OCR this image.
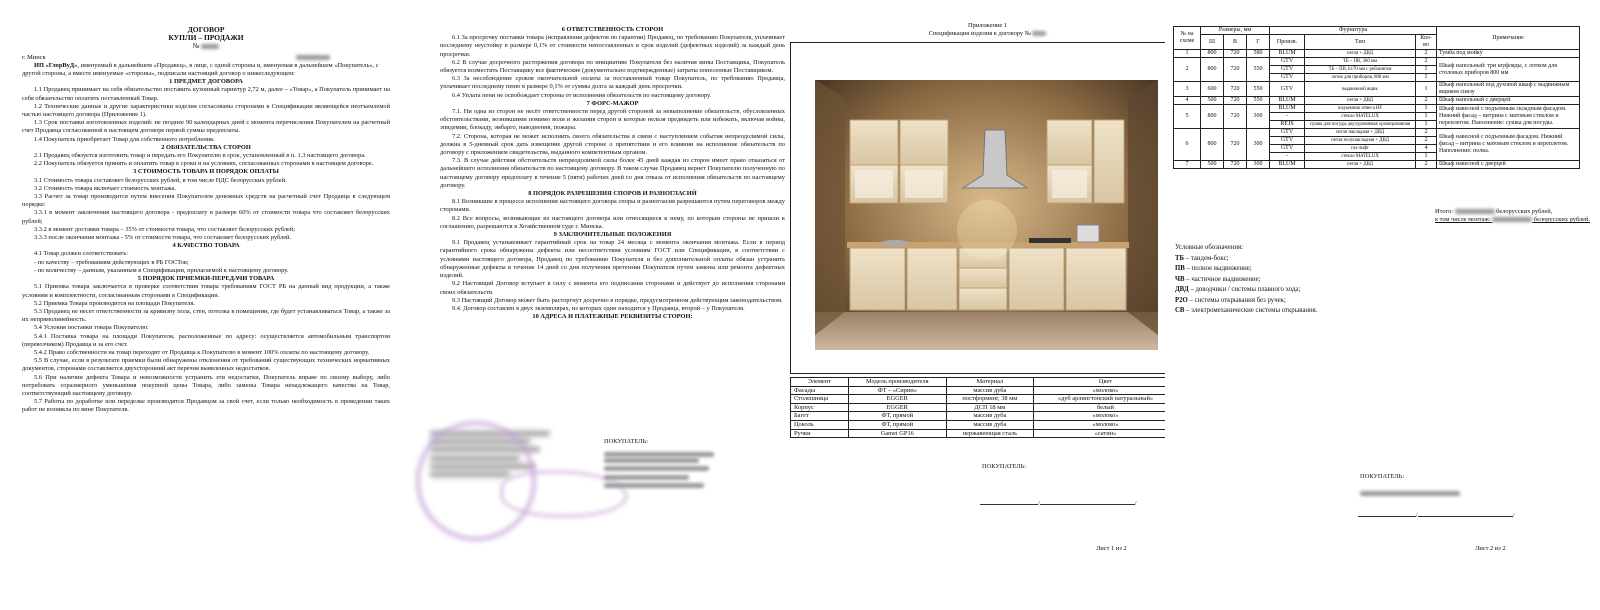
ДОГОВОР

КУПЛИ – ПРОДАЖИ

№

г. Минск

ИП «ГлорВуД», именуемый в дальнейшем «Продавец», в лице, с одной стороны и, именуемая в дальнейшем «Покупатель», с другой стороны, а вместе именуемые «стороны», подписали настоящий договор о нижеследующем:

1 ПРЕДМЕТ ДОГОВОРА

1.1 Продавец принимает на себя обязательство поставить кухонный гарнитур 2,72 м, далее – «Товар», а Покупатель принимает на себя обязательство оплатить поставленный Товар.

1.2 Технические данные и другие характеристики изделия согласованы сторонами в Спецификации являющейся неотъемлемой частью настоящего договора (Приложение 1).

1.3 Срок поставки изготовленных изделий: не позднее 90 календарных дней с момента перечисления Покупателем на расчетный счет Продавца согласованной в настоящем договоре первой суммы предоплаты.

1.4 Покупатель приобретает Товар для собственного потребления.

2 ОБЯЗАТЕЛЬСТВА СТОРОН

2.1 Продавец обязуется изготовить товар и передать его Покупателю в срок, установленный в п. 1.3 настоящего договора.

2.2 Покупатель обязуется принять и оплатить товар в сроки и на условиях, согласованных сторонами в настоящем договоре.

3 СТОИМОСТЬ ТОВАРА И ПОРЯДОК ОПЛАТЫ

3.1 Стоимость товара составляет белорусских рублей, в том числе НДС белорусских рублей.

3.2 Стоимость товара включает стоимость монтажа.

3.3 Расчет за товар производится путем внесения Покупателем денежных средств на расчетный счет Продавца в следующем порядке:

3.3.1 в момент заключения настоящего договора - предоплату в размере 60% от стоимости товара что составляет белорусских рублей;

3.3.2 в момент доставки товара – 35% от стоимости товара, что составляет белорусских рублей;

3.3.3 после окончания монтажа - 5% от стоимости товара, что составляет белорусских рублей.

4 КАЧЕСТВО ТОВАРА

4.1 Товар должен соответствовать:

- по качеству – требованиям действующих в РБ ГОСТов;

- по количеству – данным, указанным в Спецификации, прилагаемой к настоящему договору.

5 ПОРЯДОК ПРИЕМКИ-ПЕРЕДАЧИ ТОВАРА

5.1 Приемка товара заключается в проверке соответствия товара требованиям ГОСТ РБ на данный вид продукции, а также условиям и комплектности, согласованным сторонами в Спецификации.

5.2 Приемка Товара производится на площади Покупателя.

5.3 Продавец не несет ответственности за кривизну пола, стен, потолка в помещении, где будет устанавливаться Товар, а также за их непрямолинейность.

5.4 Условия поставки товара Покупателю:

5.4.1 Поставка товара на площади Покупателя, расположенные по адресу: осуществляется автомобильным транспортом (перевозчиком) Продавца и за его счет.

5.4.2 Право собственности на товар переходит от Продавца к Покупателю в момент 100% оплаты по настоящему договору.

5.5 В случае, если в результате приемки были обнаружены отклонения от требований существующих технических нормативных документов, сторонами составляется двухсторонний акт перечня выявленных недостатков.

5.6 При наличии дефекта Товара и невозможности устранить эти недостатки, Покупатель вправе по своему выбору, либо потребовать соразмерного уменьшения покупной цены Товара, либо замены Товара ненадлежащего качества на Товар, соответствующий настоящему договору.

5.7 Работы по доработке или переделке производятся Продавцом за свой счет, если только необходимость в проведении таких работ не возникла по вине Покупателя.

6 ОТВЕТСТВЕННОСТЬ СТОРОН

6.1 За просрочку поставки товара (исправления дефектов по гарантии) Продавец, по требованию Покупателя, уплачивает последнему неустойку в размере 0,1% от стоимости непоставленных в срок изделий (дефектных изделий) за каждый день просрочки.

6.2 В случае досрочного расторжения договора по инициативе Покупателя без наличия вины Поставщика, Покупатель обязуется возместить Поставщику все фактические (документально подтвержденные) затраты понесенные Поставщиком.

6.3 За несоблюдение сроков окончательной оплаты за поставленный товар Покупатель, по требованию Продавца, уплачивает последнему пеню в размере 0,1% от суммы долга за каждый день просрочки.

6.4 Уплата пени не освобождает стороны от исполнения обязательств по настоящему договору.

7 ФОРС-МАЖОР

7.1. Ни одна из сторон не несёт ответственности перед другой стороной за невыполнение обязательств, обусловленных обстоятельствами, возникшими помимо воли и желания сторон и которые нельзя предвидеть или избежать, включая войны, эпидемии, блокаду, эмбарго, наводнения, пожары.

7.2. Сторона, которая не может исполнить своего обязательства в связи с наступлением события непреодолимой силы, должна в 5-дневный срок дать извещение другой стороне о препятствии и его влиянии на исполнение обязательств по договору с приложением свидетельства, выданного компетентным органом.

7.3. В случае действия обстоятельств непреодолимой силы более 45 дней каждая из сторон имеет право отказаться от дальнейшего исполнения обязательств по настоящему договору. В таком случае Продавец вернет Покупателю полученную по настоящему договору предоплату в течение 5 (пяти) рабочих дней со дня отказа от исполнения обязательств по настоящему договору.

8 ПОРЯДОК РАЗРЕШЕНИЯ СПОРОВ И РАЗНОГЛАСИЙ

8.1 Возникшие в процессе исполнения настоящего договора споры и разногласия разрешаются путем переговоров между сторонами.

8.2 Все вопросы, возникающие из настоящего договора или относящиеся к нему, по которым стороны не пришли к соглашению, разрешаются в Хозяйственном суде г. Минска.

9 ЗАКЛЮЧИТЕЛЬНЫЕ ПОЛОЖЕНИЯ

9.1 Продавец устанавливает гарантийный срок на товар 24 месяца с момента окончания монтажа. Если в период гарантийного срока обнаружены дефекты или несоответствия условиям ГОСТ или Спецификации, в соответствии с условиями настоящего договора, Продавец по требованию Покупателя и без дополнительной оплаты обязан устранить обнаруженные дефекты в течение 14 дней со дня получения претензии Покупателя путем замены или ремонта дефектных изделий.

9.2 Настоящий Договор вступает в силу с момента его подписания сторонами и действует до исполнения сторонами своих обязательств.

9.3 Настоящий Договор может быть расторгнут досрочно в порядке, предусмотренном действующим законодательством.

9.4. Договор составлен в двух экземплярах, из которых один находится у Продавца, второй – у Покупателя.

10 АДРЕСА И ПЛАТЕЖНЫЕ РЕКВИЗИТЫ СТОРОН:

ПОКУПАТЕЛЬ:

Приложение 1

Спецификация изделия к договору №

Элемент	Модель производителя	Материал	Цвет
Фасады	ФТ – «Сирин»	массив дуба	«молоко»
Столешница	EGGER	постформинг, 38 мм	«дуб арлингтонский натуральный»
Корпус	EGGER	ДСП 18 мм	белый
Багет	ФТ, прямой	массив дуба	«молоко»
Цоколь	ФТ, прямой	массив дуба	«молоко»
Ручки	Gamet GP16	нержавеющая сталь	«сатин»
ПОКУПАТЕЛЬ:
/	/
Лист 1 из 2
№ на схеме	Размеры, мм			Фурнитура			Примечание
	Ш	В	Г	Произв.	Тип	Кол-во	
1	800	720	580	BLUM	петля + ДВД	2	Тумба под мойку
2	800	720	550	GTV	ТБ – ПВ, 300 мм	2	Шкаф напольный: три шуфляды, с лотком для столовых приборов 800 мм
				GTV	ТБ – ПВ, h170 мм с рейлингом	1	
				GTV	лоток для приборов, 800 мм	1	
3	600	720	550	GTV	выдвижной ящик	1	Шкаф напольный под духовой шкаф с выдвижным ящиком снизу
4	500	720	550	BLUM	петля + ДВД	2	Шкаф напольный с дверцей
5	800	720	300	BLUM	подъемник отвеса HF	1	Шкаф навесной с подъемным складным фасадом. Нижний фасад – витрина с матовым стеклом и переплетом. Наполнение: сушка для посуды.
				-	стекло MATELUX	1	
				REJS	сушка для посуды двухуровневая хромированная	1	
6	800	720	300	GTV	петля накладная + ДВД	2	Шкаф навесной с подъемным фасадом. Нижний фасад – витрина с матовым стеклом и переплетом. Наполнение: полка.
				GTV	петля полунакладная + ДВД	2	
				GTV	газ-лифт	4	
				-	стекло MATELUX	1	
7	500	720	300	BLUM	петля + ДВД	2	Шкаф навесной с дверцей

Итого:	белорусских рублей,

в том числе монтаж:	белорусских рублей.

Условные обозначения:

ТБ – тандем-бокс;

ПВ – полное выдвижение;

ЧВ – частичное выдвижение;

ДВД – доводчики / системы плавного хода;

P2O – системы открывания без ручек;

СВ – электромеханические системы открывания.

ПОКУПАТЕЛЬ:
/	/
Лист 2 из 2
